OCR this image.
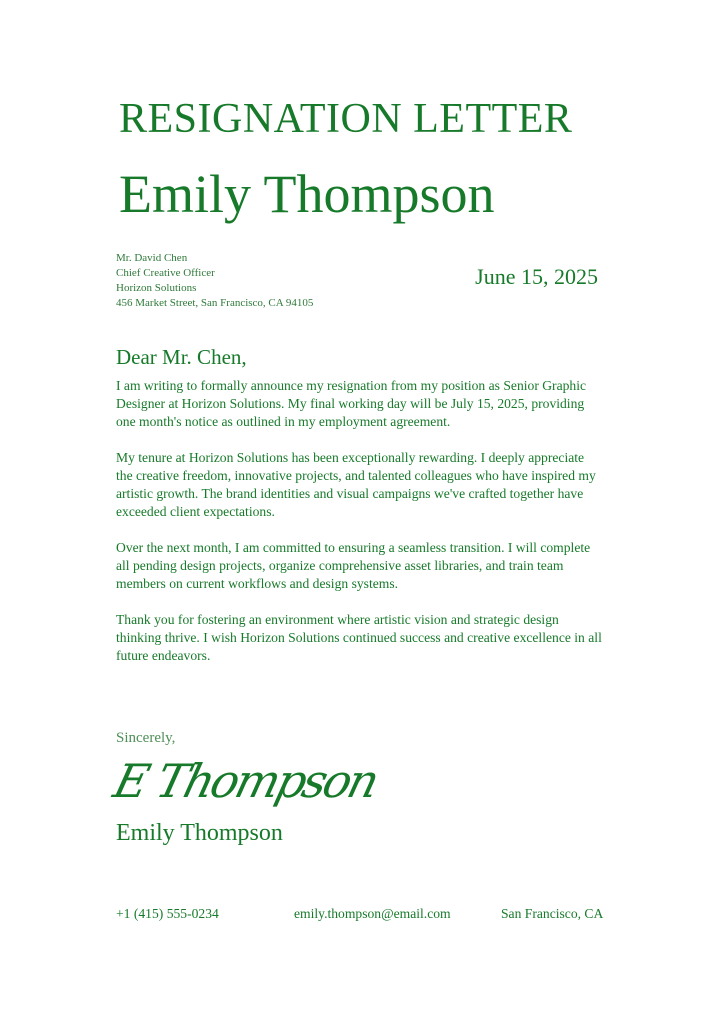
RESIGNATION LETTER
Emily Thompson
Mr. David Chen
Chief Creative Officer
Horizon Solutions
456 Market Street, San Francisco, CA 94105
June 15, 2025
Dear Mr. Chen,

I am writing to formally announce my resignation from my position as Senior Graphic Designer at Horizon Solutions. My final working day will be July 15, 2025, providing one month's notice as outlined in my employment agreement.

My tenure at Horizon Solutions has been exceptionally rewarding. I deeply appreciate the creative freedom, innovative projects, and talented colleagues who have inspired my artistic growth. The brand identities and visual campaigns we've crafted together have exceeded client expectations.

Over the next month, I am committed to ensuring a seamless transition. I will complete all pending design projects, organize comprehensive asset libraries, and train team members on current workflows and design systems.

Thank you for fostering an environment where artistic vision and strategic design thinking thrive. I wish Horizon Solutions continued success and creative excellence in all future endeavors.

Sincerely,
E Thompson
Emily Thompson
+1 (415) 555-0234	emily.thompson@email.com	San Francisco, CA
